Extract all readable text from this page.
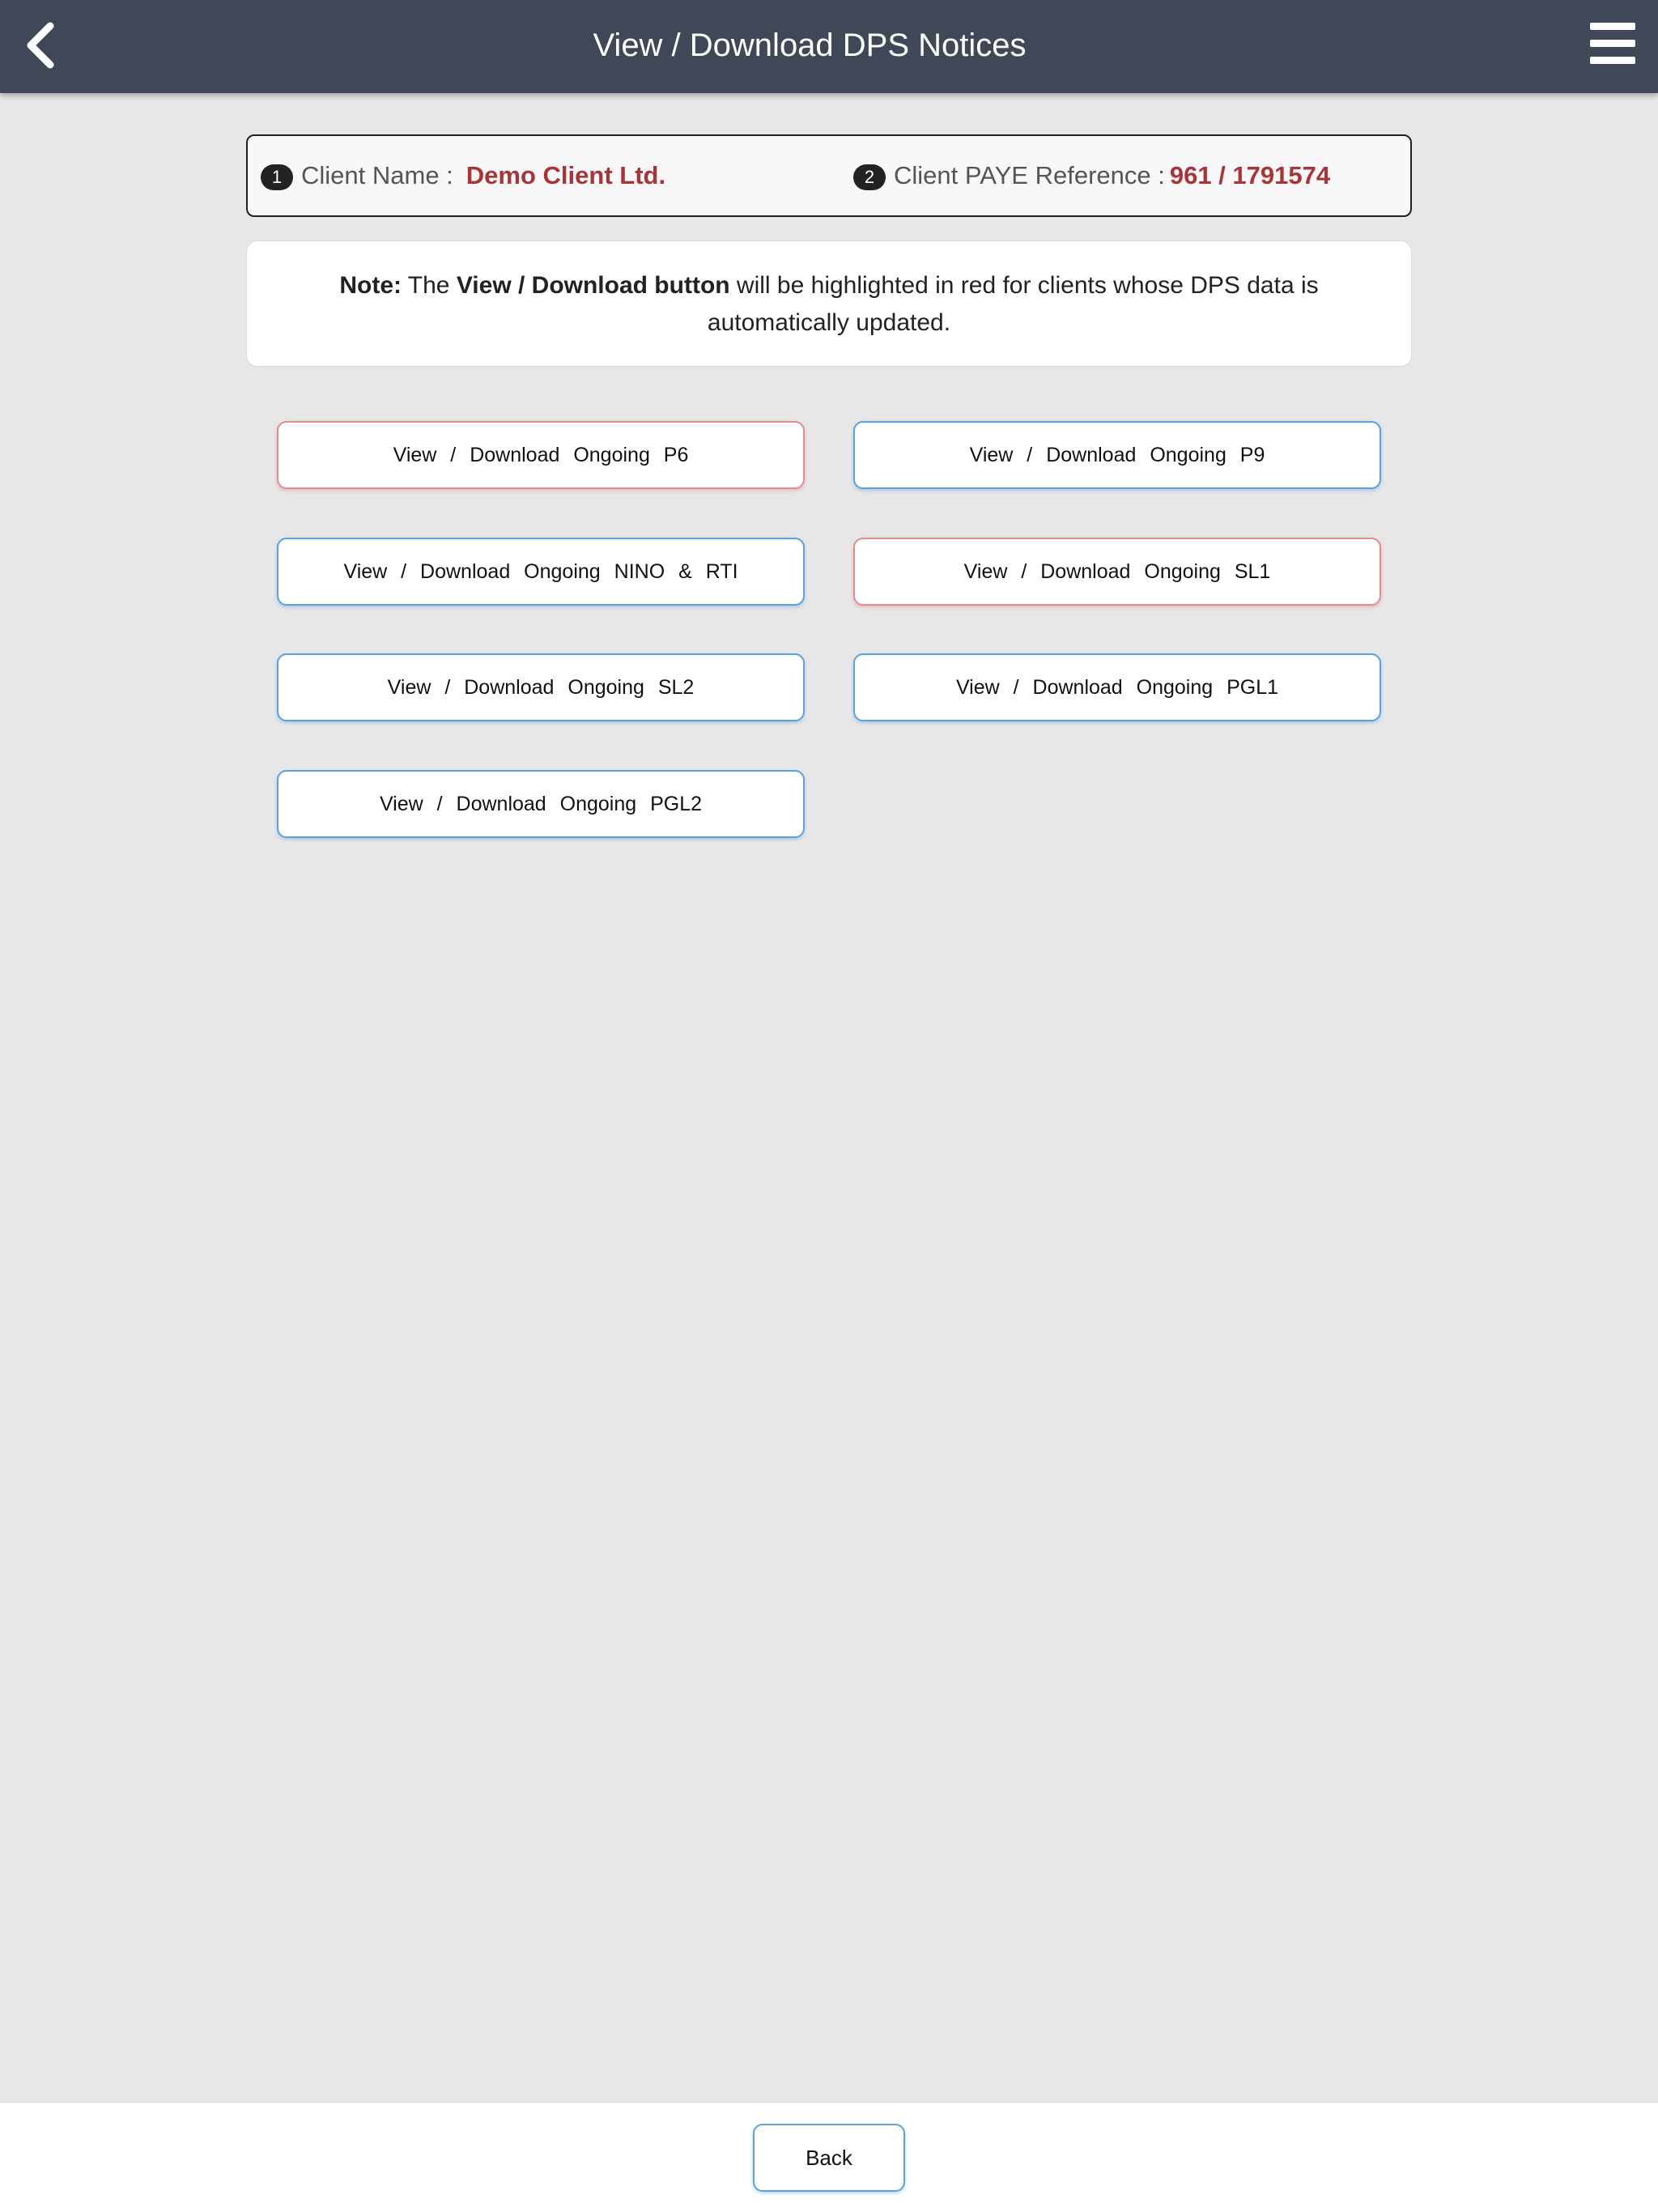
View / Download DPS Notices
1 Client Name : Demo Client Ltd.	2 Client PAYE Reference : 961 / 1791574
Note: The View / Download button will be highlighted in red for clients whose DPS data is automatically updated.
View / Download Ongoing P6	View / Download Ongoing P9
View / Download Ongoing NINO & RTI	View / Download Ongoing SL1
View / Download Ongoing SL2	View / Download Ongoing PGL1
View / Download Ongoing PGL2
Back
